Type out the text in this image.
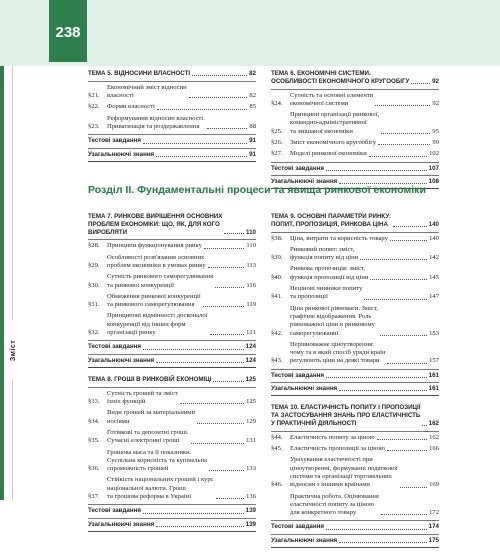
238
Зміст
ТЕМА 5. ВІДНОСИНИ ВЛАСНОСТІ	82
§21.
Економічний зміст відносин
власності	82
§22.	Форми власності	85
§23.
Реформування відносин власності.
Приватизація та роздержавлення	88
Тестові завдання	91
Узагальнюючі знання	91
ТЕМА 6. ЕКОНОМІЧНІ СИСТЕМИ.
ОСОБЛИВОСТІ ЕКОНОМІЧНОГО КРУГООБІГУ	92
§24.
Сутність та основні елементи
економічної системи	92
§25.
Принципи організації ринкової,
командно-адміністративної
та змішаної економіки	95
§26.	Зміст економічного кругообігу	99
§27.	Моделі ринкової економіки	102
Тестові завдання	107
Узагальнюючі знання	108
Розділ II. Фундаментальні процеси та явища ринкової економіки
ТЕМА 7. РИНКОВЕ ВИРІШЕННЯ ОСНОВНИХ
ПРОБЛЕМ ЕКОНОМІКИ: ЩО, ЯК, ДЛЯ КОГО
ВИРОБЛЯТИ	110
§28.	Принципи функціонування ринку	110
§29.
Особливості розв'язання основних
проблем економіки в умовах ринку	113
§30.
Сутність ринкового саморегулювання
та ринкової конкуренції	116
§31.
Обмеження ринкової конкуренції
та ринкового саморегулювання	119
§32.
Принципові відмінності досконалої
конкуренції від інших форм
організації ринку	121
Тестові завдання	124
Узагальнюючі знання	124
ТЕМА 8. ГРОШІ В РИНКОВІЙ ЕКОНОМІЦІ	125
§33.
Сутність грошей та зміст
їхніх функцій	125
§34.
Види грошей за матеріальними
носіями	129
§35.
Готівкові та депозитні гроші.
Сучасні електронні гроші	131
§36.
Грошова маса та її показники.
Суспільна корисність та купівельна
спроможність грошей	133
§37.
Стійкість національних грошей і курс
національної валюти. Гроші
та грошова реформа в Україні	136
Тестові завдання	139
Узагальнюючі знання	139
ТЕМА 9. ОСНОВНІ ПАРАМЕТРИ РИНКУ:
ПОПИТ, ПРОПОЗИЦІЯ, РИНКОВА ЦІНА	140
§38.	Ціна, витрати та корисність товару	140
§39.
Ринковий попит: зміст,
функція попиту від ціни	142
§40.
Ринкова пропозиція: зміст,
функція пропозиції від ціни	145
§41.
Нецінові чинники попиту
та пропозиції	147
§42.
Ціна ринкової рівноваги. Зміст,
графічне відображення. Роль
рівноважної ціни в ринковому
саморегулюванні	153
§43.
Нерівноважне ціноутворення:
чому та в який спосіб уряди країн
регулюють ціни на деякі товари	157
Тестові завдання	161
Узагальнюючі знання	161
ТЕМА 10. ЕЛАСТИЧНІСТЬ ПОПИТУ І ПРОПОЗИЦІЇ
ТА ЗАСТОСУВАННЯ ЗНАНЬ ПРО ЕЛАСТИЧНІСТЬ
У ПРАКТИЧНІЙ ДІЯЛЬНОСТІ	162
§44.	Еластичність попиту за ціною	162
§45.	Еластичність пропозиції за ціною	166
§46.
Урахування еластичності при
ціноутворенні, формуванні податкової
системи та організації торговельних
відносин з іншими країнами	169
Практична робота. Оцінювання
еластичності попиту за ціною
для конкретного товару	172
Тестові завдання	174
Узагальнюючі знання	175
